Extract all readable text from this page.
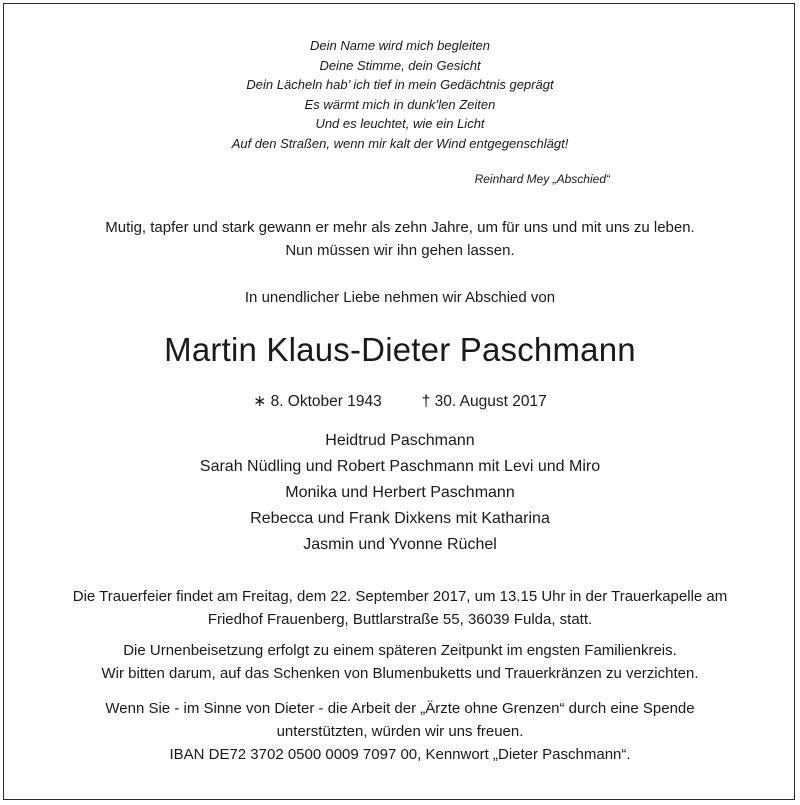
Dein Name wird mich begleiten
Deine Stimme, dein Gesicht
Dein Lächeln hab’ ich tief in mein Gedächtnis geprägt
Es wärmt mich in dunk’len Zeiten
Und es leuchtet, wie ein Licht
Auf den Straßen, wenn mir kalt der Wind entgegenschlägt!
Reinhard Mey „Abschied“
Mutig, tapfer und stark gewann er mehr als zehn Jahre, um für uns und mit uns zu leben.
Nun müssen wir ihn gehen lassen.
In unendlicher Liebe nehmen wir Abschied von
Martin Klaus-Dieter Paschmann
∗ 8. Oktober 1943	† 30. August 2017
Heidtrud Paschmann
Sarah Nüdling und Robert Paschmann mit Levi und Miro
Monika und Herbert Paschmann
Rebecca und Frank Dixkens mit Katharina
Jasmin und Yvonne Rüchel
Die Trauerfeier findet am Freitag, dem 22. September 2017, um 13.15 Uhr in der Trauerkapelle am
Friedhof Frauenberg, Buttlarstraße 55, 36039 Fulda, statt.
Die Urnenbeisetzung erfolgt zu einem späteren Zeitpunkt im engsten Familienkreis.
Wir bitten darum, auf das Schenken von Blumenbuketts und Trauerkränzen zu verzichten.
Wenn Sie - im Sinne von Dieter - die Arbeit der „Ärzte ohne Grenzen“ durch eine Spende
unterstützten, würden wir uns freuen.
IBAN DE72 3702 0500 0009 7097 00, Kennwort „Dieter Paschmann“.
